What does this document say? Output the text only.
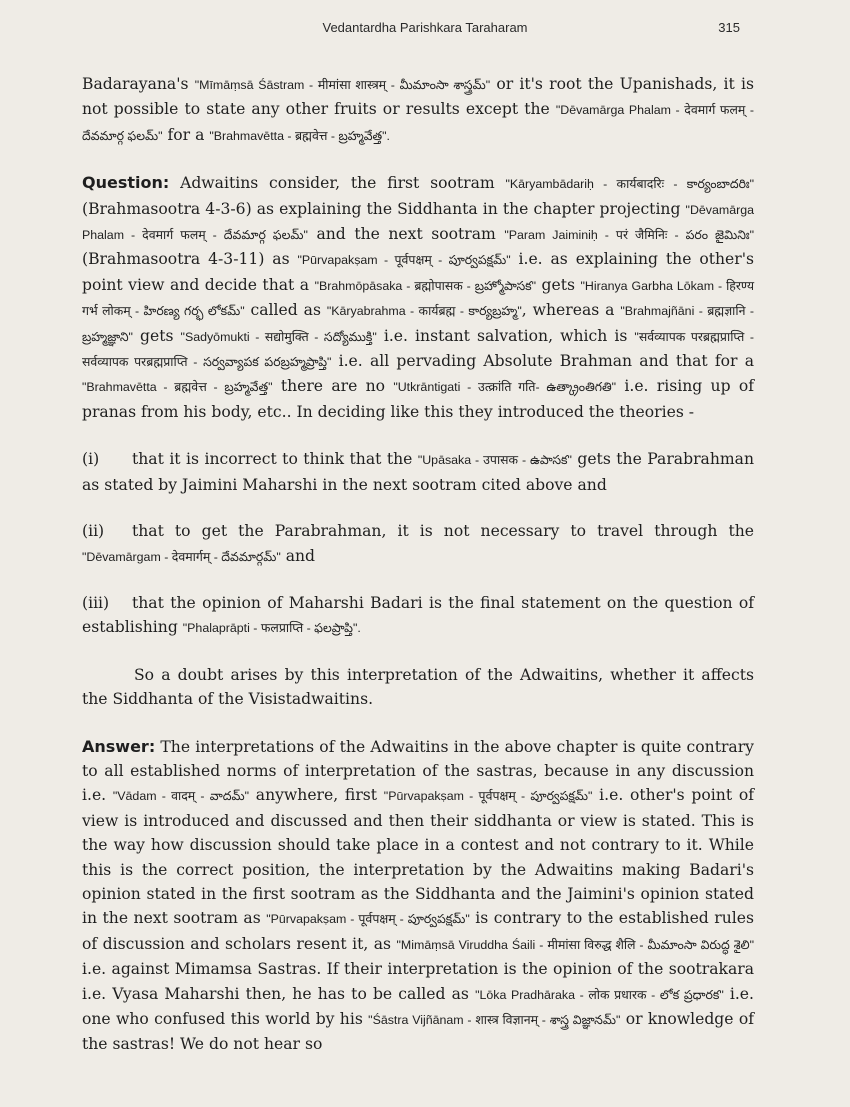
Vedantardha Parishkara Taraharam	315

Badarayana's "Mīmāṃsā Śāstram - मीमांसा शास्त्रम् - మీమాంసా శాస్త్రమ్" or it's root the Upanishads, it is not possible to state any other fruits or results except the "Dēvamārga Phalam - देवमार्ग फलम् - దేవమార్గ ఫలమ్" for a "Brahmavētta - ब्रह्मवेत्त - బ్రహ్మవేత్త".

Question: Adwaitins consider, the first sootram "Kāryambādariḥ - कार्यबादरिः - కార్యంబాదరిః" (Brahmasootra 4-3-6) as explaining the Siddhanta in the chapter projecting "Dēvamārga Phalam - देवमार्ग फलम् - దేవమార్గ ఫలమ్" and the next sootram "Param Jaiminiḥ - परं जैमिनिः - పరం జైమినిః" (Brahmasootra 4-3-11) as "Pūrvapakṣam - पूर्वपक्षम् - పూర్వపక్షమ్" i.e. as explaining the other's point view and decide that a "Brahmōpāsaka - ब्रह्मोपासक - బ్రహ్మోపాసక" gets "Hiranya Garbha Lōkam - हिरण्य गर्भ लोकम् - హిరణ్య గర్భ లోకమ్" called as "Kāryabrahma - कार्यब्रह्म - కార్యబ్రహ్మ", whereas a "Brahmajñāni - ब्रह्मज्ञानि - బ్రహ్మజ్ఞాని" gets "Sadyōmukti - सद्योमुक्ति - సద్యోముక్తి" i.e. instant salvation, which is "सर्वव्यापक परब्रह्मप्राप्ति - सर्वव्यापक परब्रह्मप्राप्ति - సర్వవ్యాపక పరబ్రహ్మప్రాప్తి" i.e. all pervading Absolute Brahman and that for a "Brahmavētta - ब्रह्मवेत्त - బ్రహ్మవేత్త" there are no "Utkrāntigati - उत्क्रांति गति- ఉత్క్రాంతిగతి" i.e. rising up of pranas from his body, etc.. In deciding like this they introduced the theories -

(i) that it is incorrect to think that the "Upāsaka - उपासक - ఉపాసక" gets the Parabrahman as stated by Jaimini Maharshi in the next sootram cited above and

(ii) that to get the Parabrahman, it is not necessary to travel through the "Dēvamārgam - देवमार्गम् - దేవమార్గమ్" and

(iii) that the opinion of Maharshi Badari is the final statement on the question of establishing "Phalaprāpti - फलप्राप्ति - ఫలప్రాప్తి".

So a doubt arises by this interpretation of the Adwaitins, whether it affects the Siddhanta of the Visistadwaitins.

Answer: The interpretations of the Adwaitins in the above chapter is quite contrary to all established norms of interpretation of the sastras, because in any discussion i.e. "Vādam - वादम् - వాదమ్" anywhere, first "Pūrvapakṣam - पूर्वपक्षम् - పూర్వపక్షమ్" i.e. other's point of view is introduced and discussed and then their siddhanta or view is stated. This is the way how discussion should take place in a contest and not contrary to it. While this is the correct position, the interpretation by the Adwaitins making Badari's opinion stated in the first sootram as the Siddhanta and the Jaimini's opinion stated in the next sootram as "Pūrvapakṣam - पूर्वपक्षम् - పూర్వపక్షమ్" is contrary to the established rules of discussion and scholars resent it, as "Mimāṃsā Viruddha Śaili - मीमांसा विरुद्ध शैलि - మీమాంసా విరుద్ధ శైలి" i.e. against Mimamsa Sastras. If their interpretation is the opinion of the sootrakara i.e. Vyasa Maharshi then, he has to be called as "Lōka Pradhāraka - लोक प्रधारक - లోక ప్రధారక" i.e. one who confused this world by his "Śāstra Vijñānam - शास्त्र विज्ञानम् - శాస్త్ర విజ్ఞానమ్" or knowledge of the sastras! We do not hear so
